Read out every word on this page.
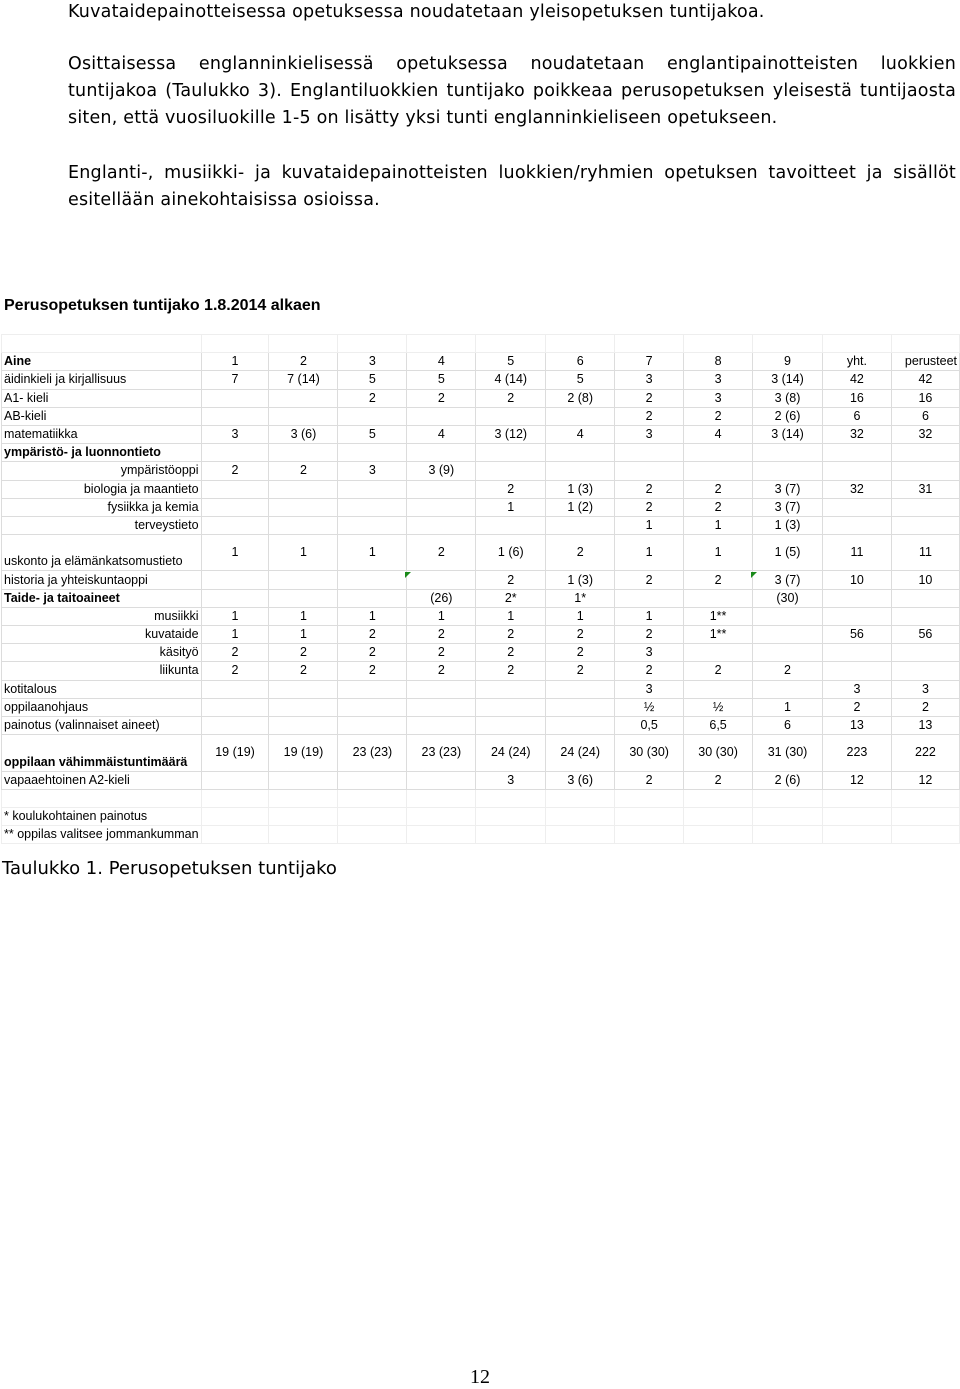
Kuvataidepainotteisessa opetuksessa noudatetaan yleisopetuksen tuntijakoa.

Osittaisessa englanninkielisessä opetuksessa noudatetaan englantipainotteisten luokkien tuntijakoa (Taulukko 3). Englantiluokkien tuntijako poikkeaa perusopetuksen yleisestä tuntijaosta siten, että vuosiluokille 1-5 on lisätty yksi tunti englanninkieliseen opetukseen.

Englanti-, musiikki- ja kuvataidepainotteisten luokkien/ryhmien opetuksen tavoitteet ja sisällöt esitellään ainekohtaisissa osioissa.

Perusopetuksen tuntijako 1.8.2014 alkaen

Aine	1	2	3	4	5	6	7	8	9	yht.	perusteet
äidinkieli ja kirjallisuus	7	7 (14)	5	5	4 (14)	5	3	3	3 (14)	42	42
A1- kieli			2	2	2	2 (8)	2	3	3 (8)	16	16
AB-kieli							2	2	2 (6)	6	6
matematiikka	3	3 (6)	5	4	3 (12)	4	3	4	3 (14)	32	32
ympäristö- ja luonnontieto											
ympäristöoppi	2	2	3	3 (9)							
biologia ja maantieto					2	1 (3)	2	2	3 (7)	32	31
fysiikka ja kemia					1	1 (2)	2	2	3 (7)		
terveystieto							1	1	1 (3)		
uskonto ja elämänkatsomustieto	1	1	1	2	1 (6)	2	1	1	1 (5)	11	11
historia ja yhteiskuntaoppi					2	1 (3)	2	2	3 (7)	10	10
Taide- ja taitoaineet				(26)	2*	1*			(30)		
musiikki	1	1	1	1	1	1	1	1**			
kuvataide	1	1	2	2	2	2	2	1**		56	56
käsityö	2	2	2	2	2	2	3				
liikunta	2	2	2	2	2	2	2	2	2		
kotitalous							3			3	3
oppilaanohjaus							½	½	1	2	2
painotus (valinnaiset aineet)							0,5	6,5	6	13	13
oppilaan vähimmäistuntimäärä	19 (19)	19 (19)	23 (23)	23 (23)	24 (24)	24 (24)	30 (30)	30 (30)	31 (30)	223	222
vapaaehtoinen A2-kieli					3	3 (6)	2	2	2 (6)	12	12

* koulukohtainen painotus											
** oppilas valitsee jommankumman											
Taulukko 1. Perusopetuksen tuntijako
12
